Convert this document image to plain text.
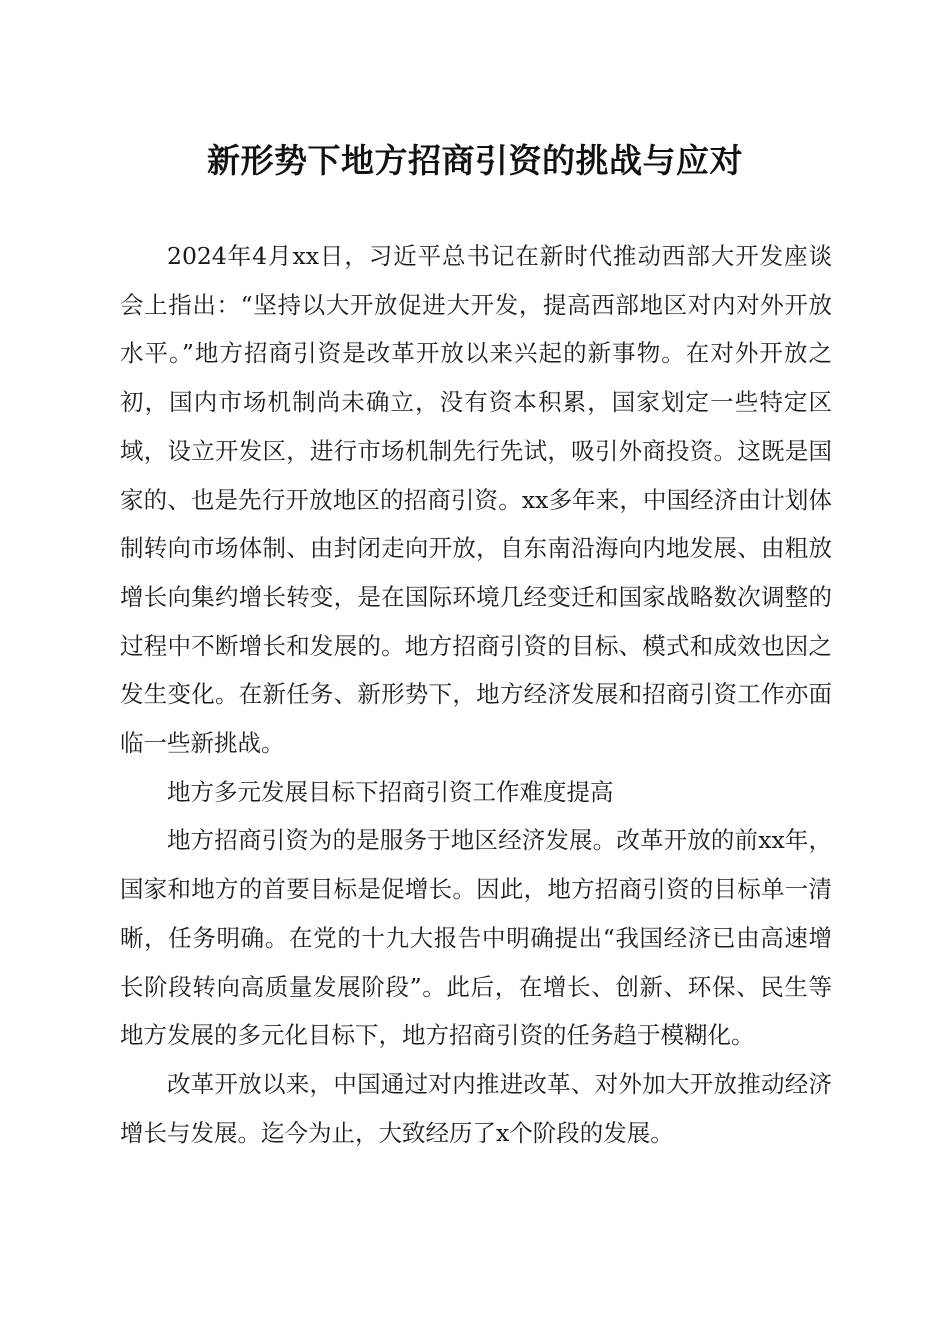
新形势下地方招商引资的挑战与应对

2024年4月xx日，习近平总书记在新时代推动西部大开发座谈会上指出：“坚持以大开放促进大开发，提高西部地区对内对外开放水平。”地方招商引资是改革开放以来兴起的新事物。在对外开放之初，国内市场机制尚未确立，没有资本积累，国家划定一些特定区域，设立开发区，进行市场机制先行先试，吸引外商投资。这既是国家的、也是先行开放地区的招商引资。xx多年来，中国经济由计划体制转向市场体制、由封闭走向开放，自东南沿海向内地发展、由粗放增长向集约增长转变，是在国际环境几经变迁和国家战略数次调整的过程中不断增长和发展的。地方招商引资的目标、模式和成效也因之发生变化。在新任务、新形势下，地方经济发展和招商引资工作亦面临一些新挑战。

地方多元发展目标下招商引资工作难度提高

地方招商引资为的是服务于地区经济发展。改革开放的前xx年，国家和地方的首要目标是促增长。因此，地方招商引资的目标单一清晰，任务明确。在党的十九大报告中明确提出“我国经济已由高速增长阶段转向高质量发展阶段”。此后，在增长、创新、环保、民生等地方发展的多元化目标下，地方招商引资的任务趋于模糊化。

改革开放以来，中国通过对内推进改革、对外加大开放推动经济增长与发展。迄今为止，大致经历了x个阶段的发展。
